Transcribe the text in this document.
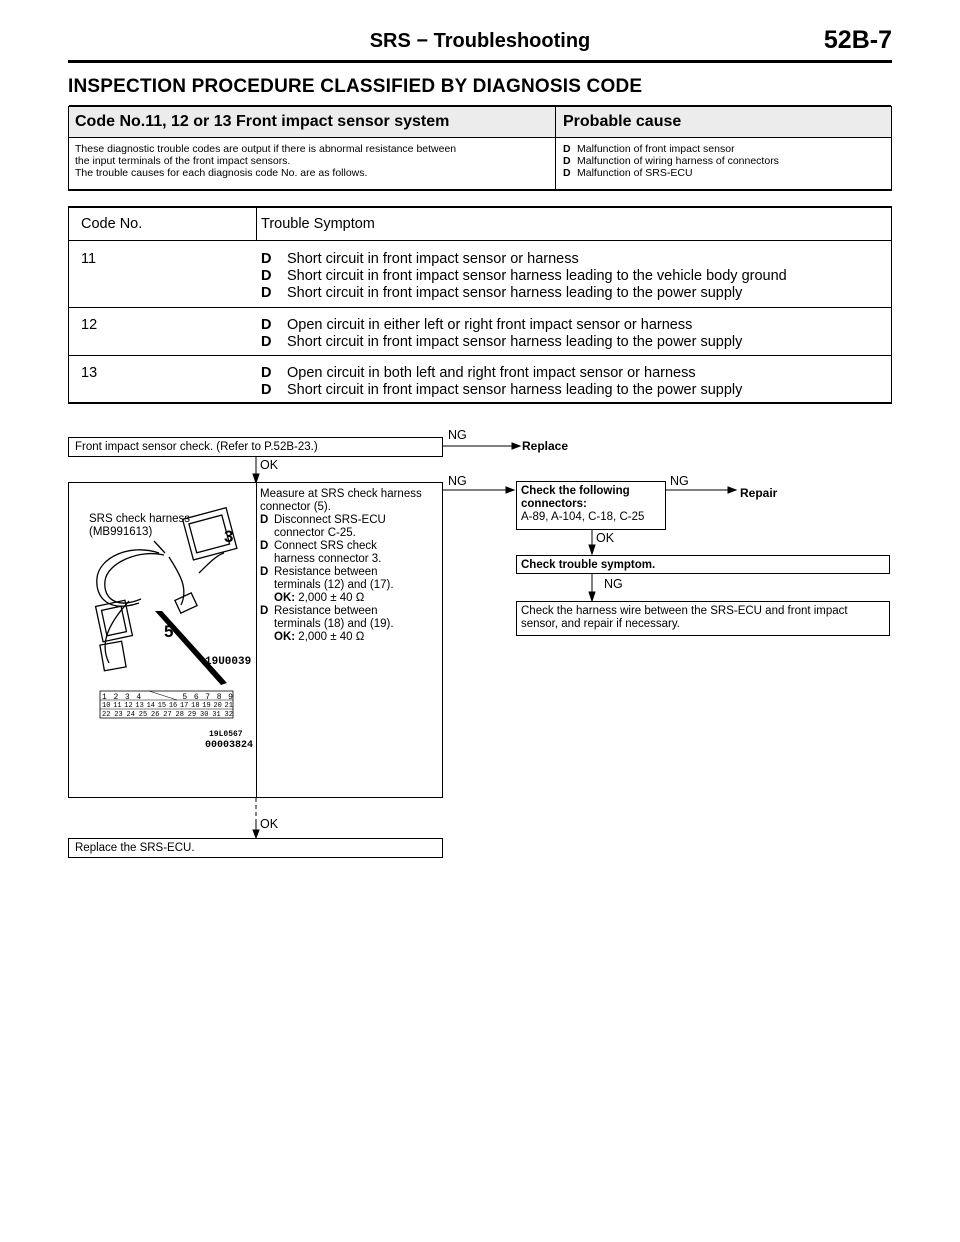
SRS − Troubleshooting	52B-7
INSPECTION PROCEDURE CLASSIFIED BY DIAGNOSIS CODE
Code No.11, 12 or 13 Front impact sensor system	Probable cause
These diagnostic trouble codes are output if there is abnormal resistance between
the input terminals of the front impact sensors.
The trouble causes for each diagnosis code No. are as follows.
D Malfunction of front impact sensor
D Malfunction of wiring harness of connectors
D Malfunction of SRS-ECU
Code No.	Trouble Symptom
11	D Short circuit in front impact sensor or harness
D Short circuit in front impact sensor harness leading to the vehicle body ground
D Short circuit in front impact sensor harness leading to the power supply
12	D Open circuit in either left or right front impact sensor or harness
D Short circuit in front impact sensor harness leading to the power supply
13	D Open circuit in both left and right front impact sensor or harness
D Short circuit in front impact sensor harness leading to the power supply
Front impact sensor check. (Refer to P.52B-23.)
NG
Replace
OK
SRS check harness
(MB991613)	3
5
19U0039
1 2 3 4	5 6 7 8 9
10 11 12 13 14 15 16 17 18 19 20 21
22 23 24 25 26 27 28 29 30 31 32
19L0567
00003824
Measure at SRS check harness
connector (5).
D Disconnect SRS-ECU
connector C-25.
D Connect SRS check
harness connector 3.
D Resistance between
terminals (12) and (17).
OK: 2,000 ± 40 Ω
D Resistance between
terminals (18) and (19).
OK: 2,000 ± 40 Ω
NG
Check the following connectors:
A-89, A-104, C-18, C-25
NG
Repair
OK
Check trouble symptom.
NG
Check the harness wire between the SRS-ECU and front impact
sensor, and repair if necessary.
OK
Replace the SRS-ECU.
